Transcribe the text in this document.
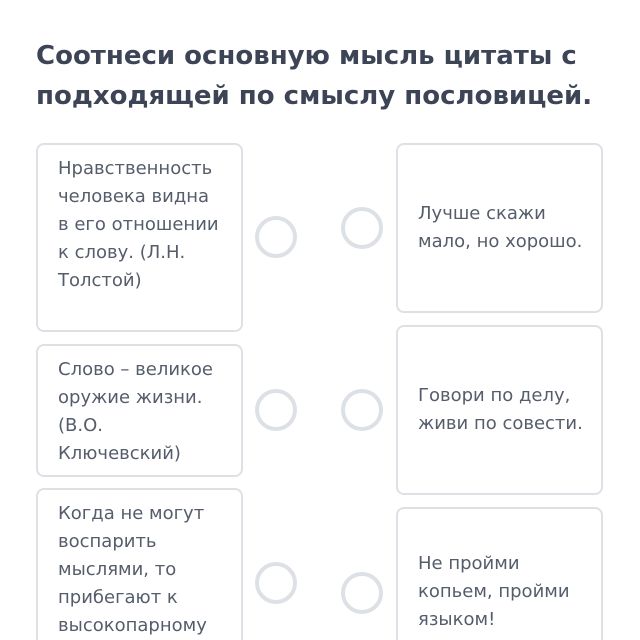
Соотнеси основную мысль цитаты с подходящей по смыслу пословицей.
Нравственность человека видна в его отношении к слову. (Л.Н. Толстой)
Лучше скажи мало, но хорошо.
Слово – великое оружие жизни. (В.О. Ключевский)
Говори по делу, живи по совести.
Когда не могут воспарить мыслями, то прибегают к высокопарному
Не пройми копьем, пройми языком!
